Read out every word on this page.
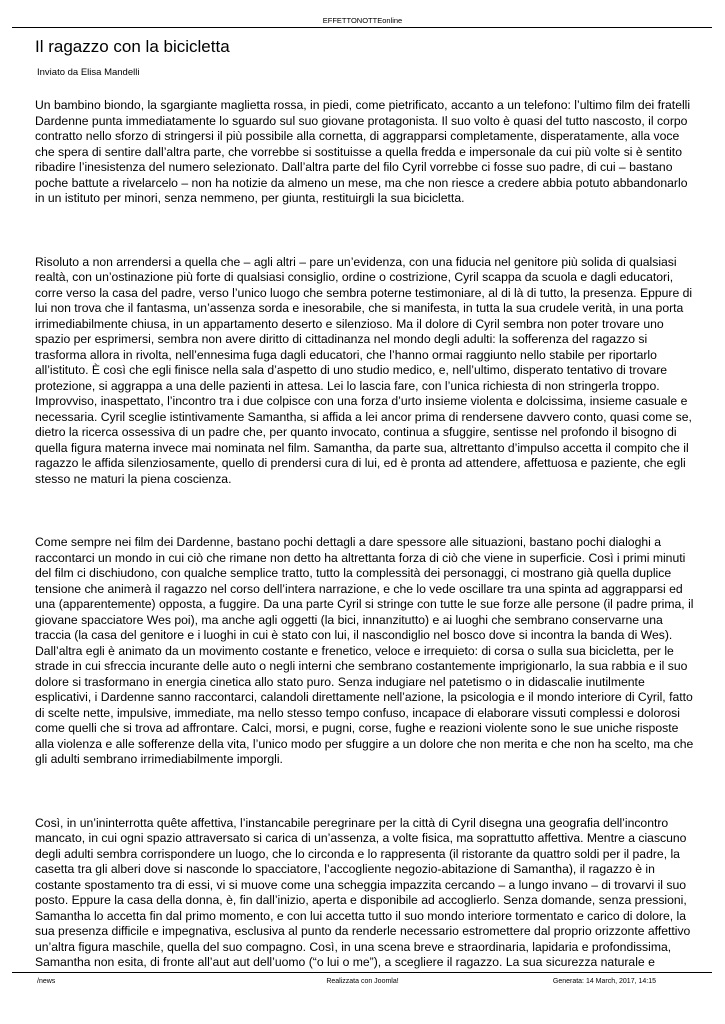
EFFETTONOTTEonline
Il ragazzo con la bicicletta
Inviato da Elisa Mandelli

Un bambino biondo, la sgargiante maglietta rossa, in piedi, come pietrificato, accanto a un telefono: l’ultimo film dei fratelli Dardenne punta immediatamente lo sguardo sul suo giovane protagonista. Il suo volto è quasi del tutto nascosto, il corpo contratto nello sforzo di stringersi il più possibile alla cornetta, di aggrapparsi completamente, disperatamente, alla voce che spera di sentire dall’altra parte, che vorrebbe si sostituisse a quella fredda e impersonale da cui più volte si è sentito ribadire l’inesistenza del numero selezionato. Dall’altra parte del filo Cyril vorrebbe ci fosse suo padre, di cui – bastano poche battute a rivelarcelo – non ha notizie da almeno un mese, ma che non riesce a credere abbia potuto abbandonarlo in un istituto per minori, senza nemmeno, per giunta, restituirgli la sua bicicletta.

Risoluto a non arrendersi a quella che – agli altri – pare un’evidenza, con una fiducia nel genitore più solida di qualsiasi realtà, con un’ostinazione più forte di qualsiasi consiglio, ordine o costrizione, Cyril scappa da scuola e dagli educatori, corre verso la casa del padre, verso l’unico luogo che sembra poterne testimoniare, al di là di tutto, la presenza. Eppure di lui non trova che il fantasma, un’assenza sorda e inesorabile, che si manifesta, in tutta la sua crudele verità, in una porta irrimediabilmente chiusa, in un appartamento deserto e silenzioso. Ma il dolore di Cyril sembra non poter trovare uno spazio per esprimersi, sembra non avere diritto di cittadinanza nel mondo degli adulti: la sofferenza del ragazzo si trasforma allora in rivolta, nell’ennesima fuga dagli educatori, che l’hanno ormai raggiunto nello stabile per riportarlo all’istituto. È così che egli finisce nella sala d’aspetto di uno studio medico, e, nell’ultimo, disperato tentativo di trovare protezione, si aggrappa a una delle pazienti in attesa. Lei lo lascia fare, con l’unica richiesta di non stringerla troppo. Improvviso, inaspettato, l’incontro tra i due colpisce con una forza d’urto insieme violenta e dolcissima, insieme casuale e necessaria. Cyril sceglie istintivamente Samantha, si affida a lei ancor prima di rendersene davvero conto, quasi come se, dietro la ricerca ossessiva di un padre che, per quanto invocato, continua a sfuggire, sentisse nel profondo il bisogno di quella figura materna invece mai nominata nel film. Samantha, da parte sua, altrettanto d’impulso accetta il compito che il ragazzo le affida silenziosamente, quello di prendersi cura di lui, ed è pronta ad attendere, affettuosa e paziente, che egli stesso ne maturi la piena coscienza.

Come sempre nei film dei Dardenne, bastano pochi dettagli a dare spessore alle situazioni, bastano pochi dialoghi a raccontarci un mondo in cui ciò che rimane non detto ha altrettanta forza di ciò che viene in superficie. Così i primi minuti del film ci dischiudono, con qualche semplice tratto, tutto la complessità dei personaggi, ci mostrano già quella duplice tensione che animerà il ragazzo nel corso dell’intera narrazione, e che lo vede oscillare tra una spinta ad aggrapparsi ed una (apparentemente) opposta, a fuggire. Da una parte Cyril si stringe con tutte le sue forze alle persone (il padre prima, il giovane spacciatore Wes poi), ma anche agli oggetti (la bici, innanzitutto) e ai luoghi che sembrano conservarne una traccia (la casa del genitore e i luoghi in cui è stato con lui, il nascondiglio nel bosco dove si incontra la banda di Wes). Dall’altra egli è animato da un movimento costante e frenetico, veloce e irrequieto: di corsa o sulla sua bicicletta, per le strade in cui sfreccia incurante delle auto o negli interni che sembrano costantemente imprigionarlo, la sua rabbia e il suo dolore si trasformano in energia cinetica allo stato puro. Senza indugiare nel patetismo o in didascalie inutilmente esplicativi, i Dardenne sanno raccontarci, calandoli direttamente nell’azione, la psicologia e il mondo interiore di Cyril, fatto di scelte nette, impulsive, immediate, ma nello stesso tempo confuso, incapace di elaborare vissuti complessi e dolorosi come quelli che si trova ad affrontare. Calci, morsi, e pugni, corse, fughe e reazioni violente sono le sue uniche risposte alla violenza e alle sofferenze della vita, l’unico modo per sfuggire a un dolore che non merita e che non ha scelto, ma che gli adulti sembrano irrimediabilmente imporgli.

Così, in un’ininterrotta quête affettiva, l’instancabile peregrinare per la città di Cyril disegna una geografia dell’incontro mancato, in cui ogni spazio attraversato si carica di un’assenza, a volte fisica, ma soprattutto affettiva. Mentre a ciascuno degli adulti sembra corrispondere un luogo, che lo circonda e lo rappresenta (il ristorante da quattro soldi per il padre, la casetta tra gli alberi dove si nasconde lo spacciatore, l’accogliente negozio-abitazione di Samantha), il ragazzo è in costante spostamento tra di essi, vi si muove come una scheggia impazzita cercando – a lungo invano – di trovarvi il suo posto. Eppure la casa della donna, è, fin dall’inizio, aperta e disponibile ad accoglierlo. Senza domande, senza pressioni, Samantha lo accetta fin dal primo momento, e con lui accetta tutto il suo mondo interiore tormentato e carico di dolore, la sua presenza difficile e impegnativa, esclusiva al punto da renderle necessario estromettere dal proprio orizzonte affettivo un’altra figura maschile, quella del suo compagno. Così, in una scena breve e straordinaria, lapidaria e profondissima, Samantha non esita, di fronte all’aut aut dell’uomo (“o lui o me”), a scegliere il ragazzo. La sua sicurezza naturale e

/news	Realizzata con Joomla!	Generata: 14 March, 2017, 14:15
